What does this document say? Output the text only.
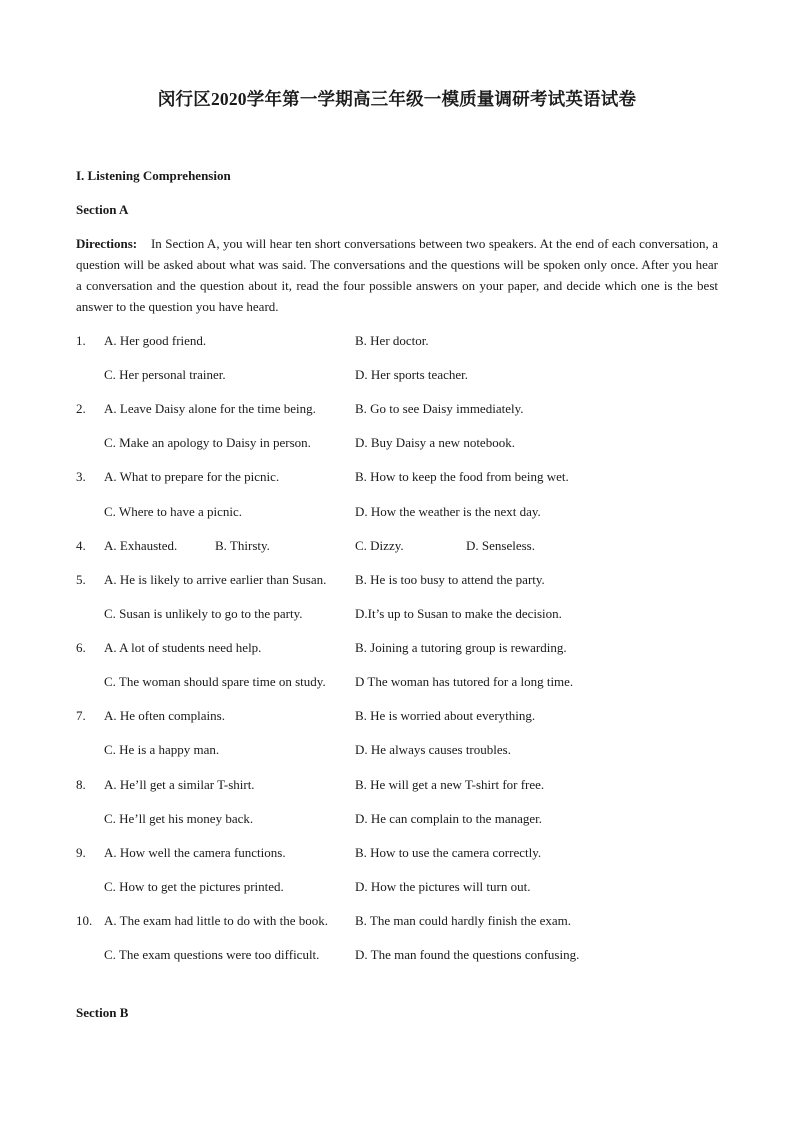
闵行区2020学年第一学期高三年级一模质量调研考试英语试卷
I. Listening Comprehension
Section A
Directions: In Section A, you will hear ten short conversations between two speakers. At the end of each conversation, a question will be asked about what was said. The conversations and the questions will be spoken only once. After you hear a conversation and the question about it, read the four possible answers on your paper, and decide which one is the best answer to the question you have heard.
1. A. Her good friend.	B. Her doctor.
C. Her personal trainer.	D. Her sports teacher.
2. A. Leave Daisy alone for the time being.	B. Go to see Daisy immediately.
C. Make an apology to Daisy in person.	D. Buy Daisy a new notebook.
3. A. What to prepare for the picnic.	B. How to keep the food from being wet.
C. Where to have a picnic.	D. How the weather is the next day.
4. A. Exhausted.	B. Thirsty.	C. Dizzy.	D. Senseless.
5. A. He is likely to arrive earlier than Susan. B. He is too busy to attend the party.
C. Susan is unlikely to go to the party.	D.It’s up to Susan to make the decision.
6. A. A lot of students need help.	B. Joining a tutoring group is rewarding.
C. The woman should spare time on study. D The woman has tutored for a long time.
7. A. He often complains.	B. He is worried about everything.
C. He is a happy man.	D. He always causes troubles.
8. A. He’ll get a similar T-shirt.	B. He will get a new T-shirt for free.
C. He’ll get his money back.	D. He can complain to the manager.
9. A. How well the camera functions.	B. How to use the camera correctly.
C. How to get the pictures printed.	D. How the pictures will turn out.
10. A. The exam had little to do with the book. B. The man could hardly finish the exam.
C. The exam questions were too difficult.	D. The man found the questions confusing.
Section B
